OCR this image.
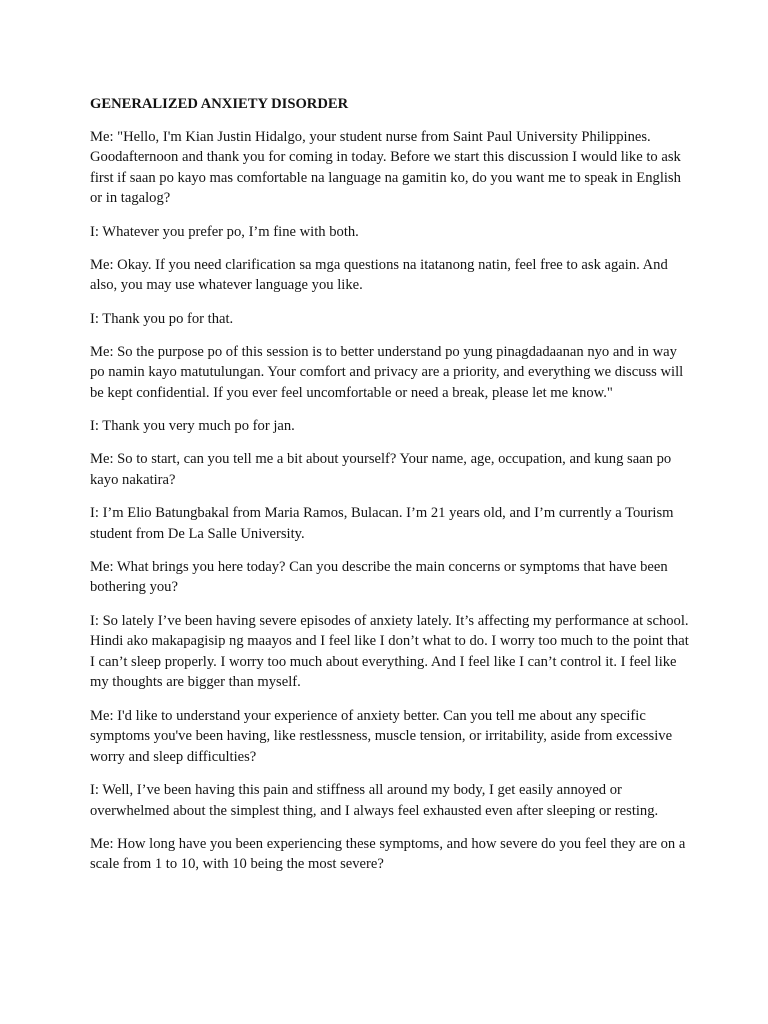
GENERALIZED ANXIETY DISORDER

Me: "Hello, I'm Kian Justin Hidalgo, your student nurse from Saint Paul University Philippines. Goodafternoon and thank you for coming in today. Before we start this discussion I would like to ask first if saan po kayo mas comfortable na language na gamitin ko, do you want me to speak in English or in tagalog?

I: Whatever you prefer po, I’m fine with both.

Me: Okay. If you need clarification sa mga questions na itatanong natin, feel free to ask again. And also, you may use whatever language you like.

I: Thank you po for that.

Me: So the purpose po of this session is to better understand po yung pinagdadaanan nyo and in way po namin kayo matutulungan. Your comfort and privacy are a priority, and everything we discuss will be kept confidential. If you ever feel uncomfortable or need a break, please let me know."

I: Thank you very much po for jan.

Me: So to start, can you tell me a bit about yourself? Your name, age, occupation, and kung saan po kayo nakatira?

I: I’m Elio Batungbakal from Maria Ramos, Bulacan. I’m 21 years old, and I’m currently a Tourism student from De La Salle University.

Me: What brings you here today? Can you describe the main concerns or symptoms that have been bothering you?

I: So lately I’ve been having severe episodes of anxiety lately. It’s affecting my performance at school. Hindi ako makapagisip ng maayos and I feel like I don’t what to do. I worry too much to the point that I can’t sleep properly. I worry too much about everything. And I feel like I can’t control it. I feel like my thoughts are bigger than myself.

Me: I'd like to understand your experience of anxiety better. Can you tell me about any specific symptoms you've been having, like restlessness, muscle tension, or irritability, aside from excessive worry and sleep difficulties?

I: Well, I’ve been having this pain and stiffness all around my body, I get easily annoyed or overwhelmed about the simplest thing, and I always feel exhausted even after sleeping or resting.

Me: How long have you been experiencing these symptoms, and how severe do you feel they are on a scale from 1 to 10, with 10 being the most severe?
